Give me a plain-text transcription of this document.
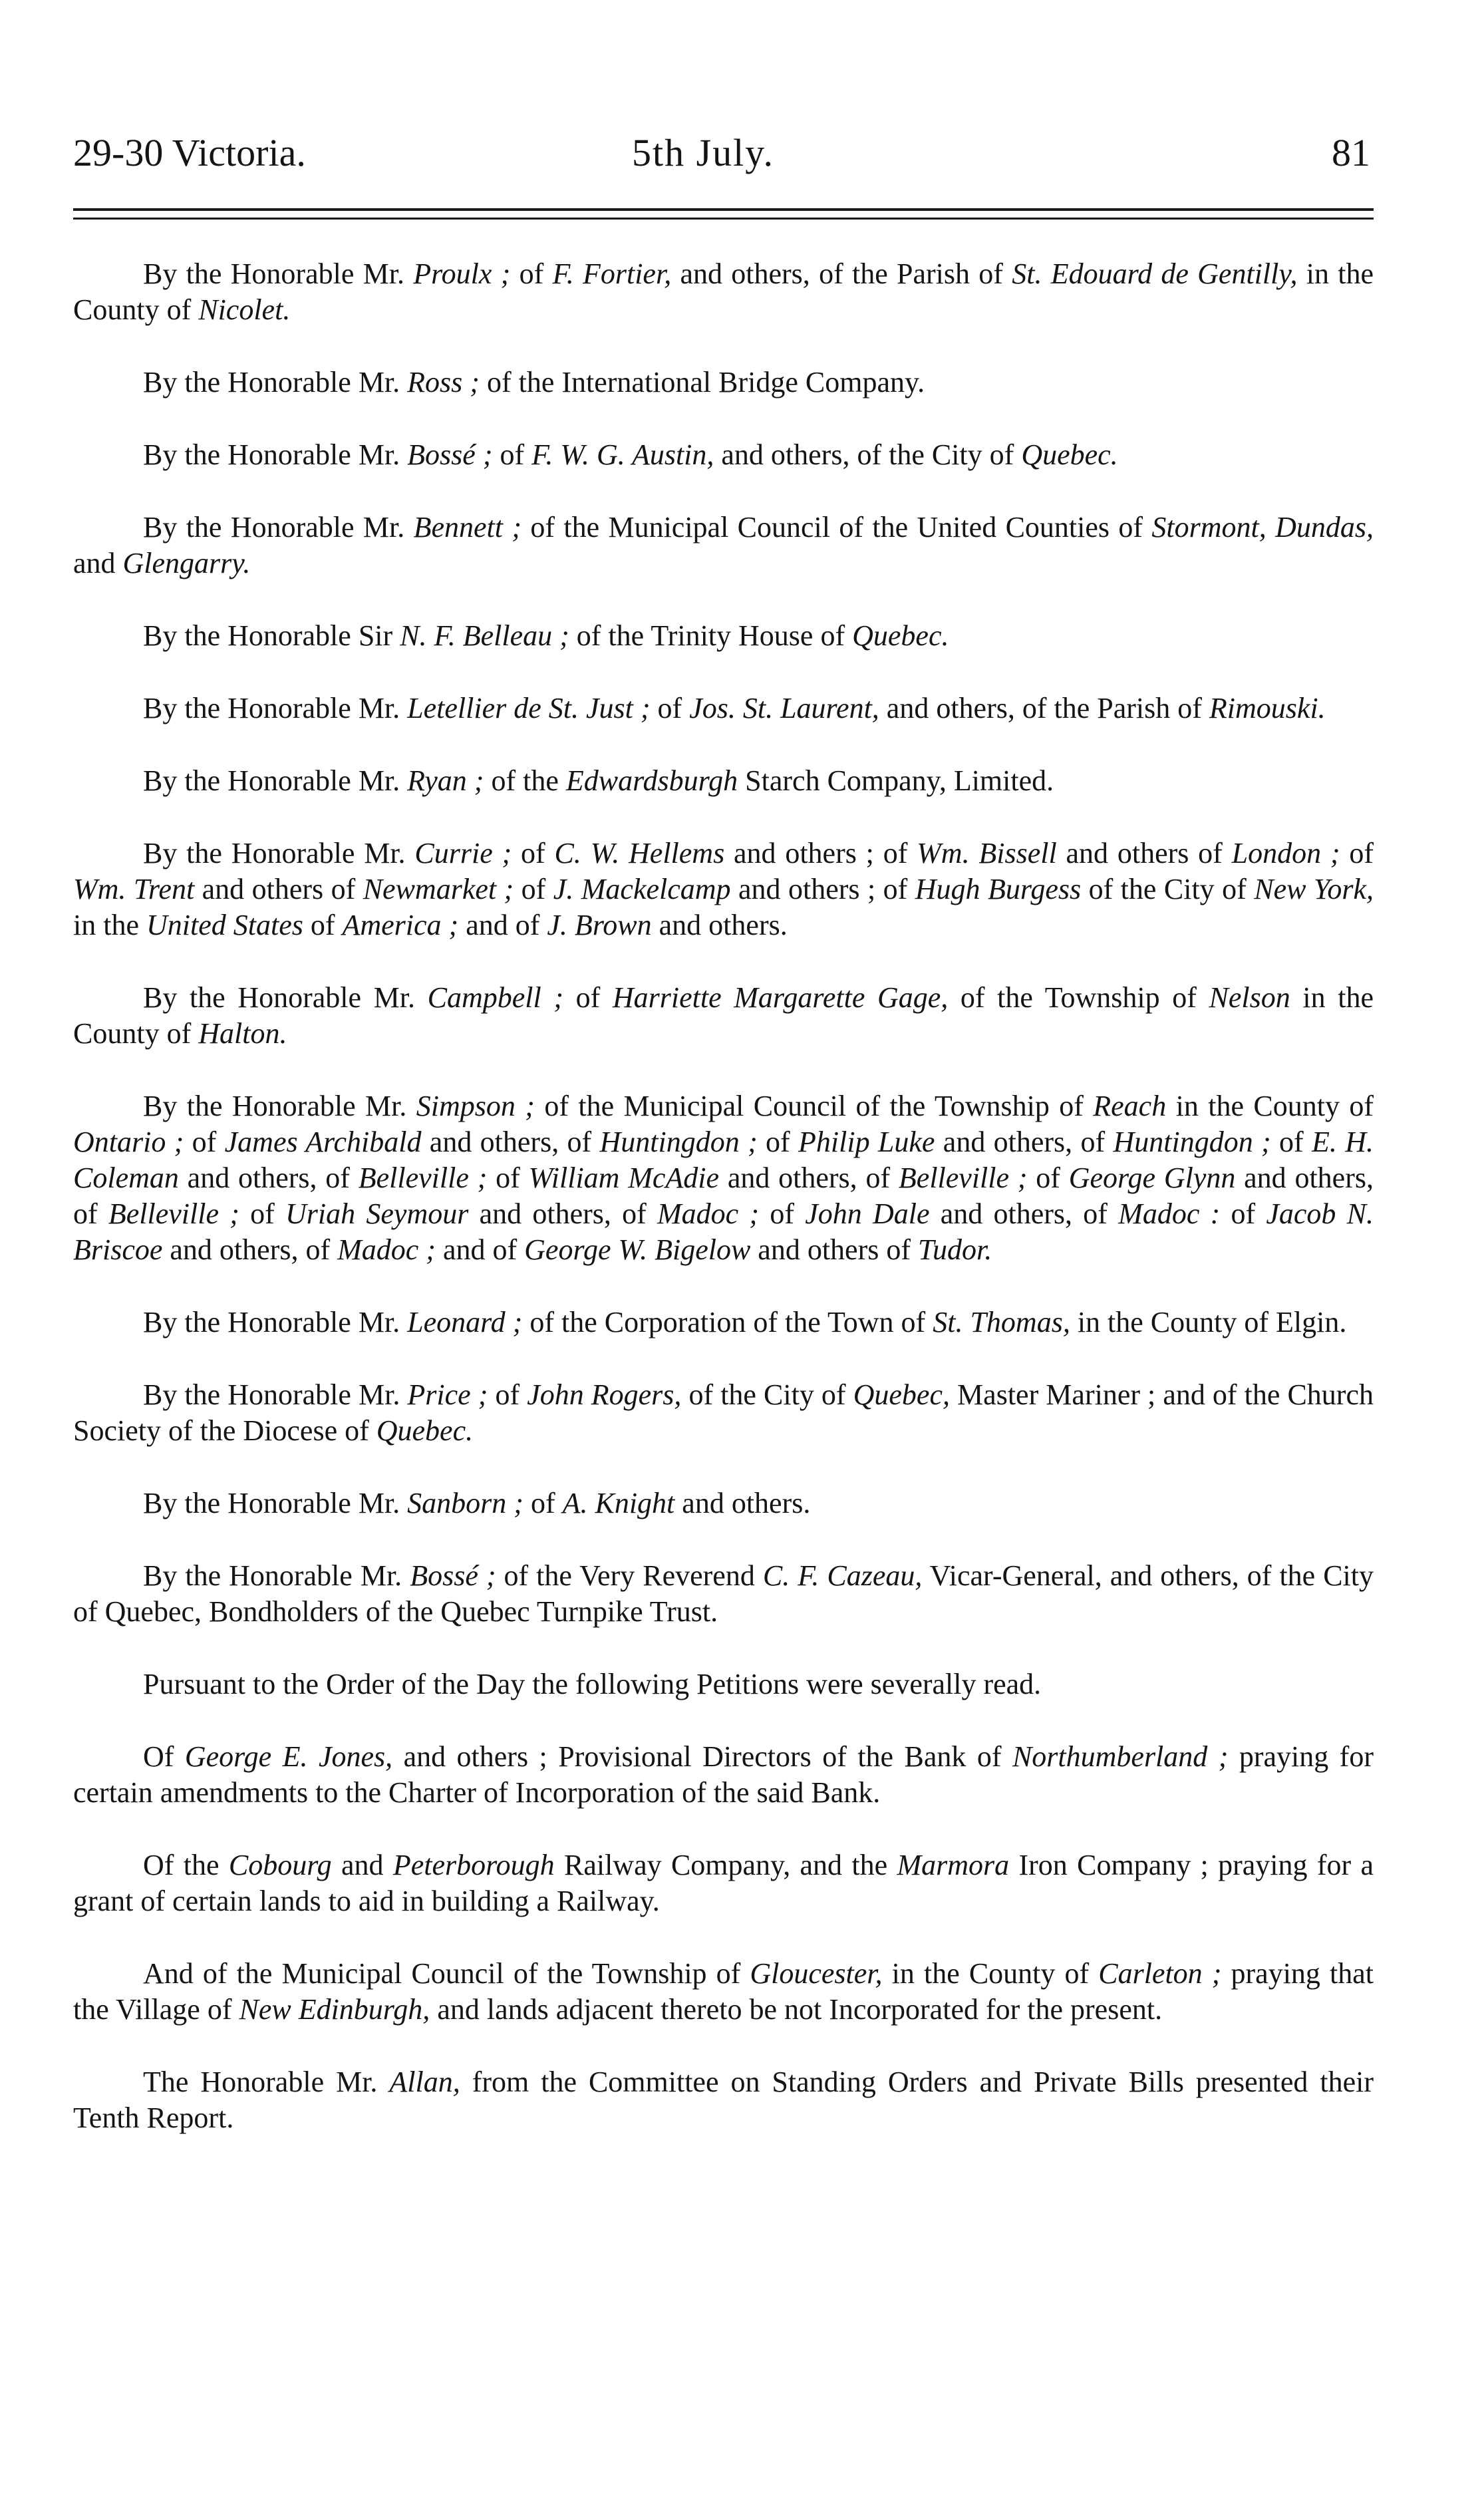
29-30 Victoria.	5th July.	81

By the Honorable Mr. Proulx ; of F. Fortier, and others, of the Parish of St. Edouard de Gentilly, in the County of Nicolet.

By the Honorable Mr. Ross ; of the International Bridge Company.

By the Honorable Mr. Bossé ; of F. W. G. Austin, and others, of the City of Quebec.

By the Honorable Mr. Bennett ; of the Municipal Council of the United Counties of Stormont, Dundas, and Glengarry.

By the Honorable Sir N. F. Belleau ; of the Trinity House of Quebec.

By the Honorable Mr. Letellier de St. Just ; of Jos. St. Laurent, and others, of the Parish of Rimouski.

By the Honorable Mr. Ryan ; of the Edwardsburgh Starch Company, Limited.

By the Honorable Mr. Currie ; of C. W. Hellems and others ; of Wm. Bissell and others of London ; of Wm. Trent and others of Newmarket ; of J. Mackelcamp and others ; of Hugh Burgess of the City of New York, in the United States of America ; and of J. Brown and others.

By the Honorable Mr. Campbell ; of Harriette Margarette Gage, of the Township of Nelson in the County of Halton.

By the Honorable Mr. Simpson ; of the Municipal Council of the Township of Reach in the County of Ontario ; of James Archibald and others, of Huntingdon ; of Philip Luke and others, of Huntingdon ; of E. H. Coleman and others, of Belleville ; of William McAdie and others, of Belleville ; of George Glynn and others, of Belleville ; of Uriah Seymour and others, of Madoc ; of John Dale and others, of Madoc : of Jacob N. Briscoe and others, of Madoc ; and of George W. Bigelow and others of Tudor.

By the Honorable Mr. Leonard ; of the Corporation of the Town of St. Thomas, in the County of Elgin.

By the Honorable Mr. Price ; of John Rogers, of the City of Quebec, Master Mariner ; and of the Church Society of the Diocese of Quebec.

By the Honorable Mr. Sanborn ; of A. Knight and others.

By the Honorable Mr. Bossé ; of the Very Reverend C. F. Cazeau, Vicar-General, and others, of the City of Quebec, Bondholders of the Quebec Turnpike Trust.

Pursuant to the Order of the Day the following Petitions were severally read.

Of George E. Jones, and others ; Provisional Directors of the Bank of Northumberland ; praying for certain amendments to the Charter of Incorporation of the said Bank.

Of the Cobourg and Peterborough Railway Company, and the Marmora Iron Company ; praying for a grant of certain lands to aid in building a Railway.

And of the Municipal Council of the Township of Gloucester, in the County of Carleton ; praying that the Village of New Edinburgh, and lands adjacent thereto be not Incorporated for the present.

The Honorable Mr. Allan, from the Committee on Standing Orders and Private Bills presented their Tenth Report.
